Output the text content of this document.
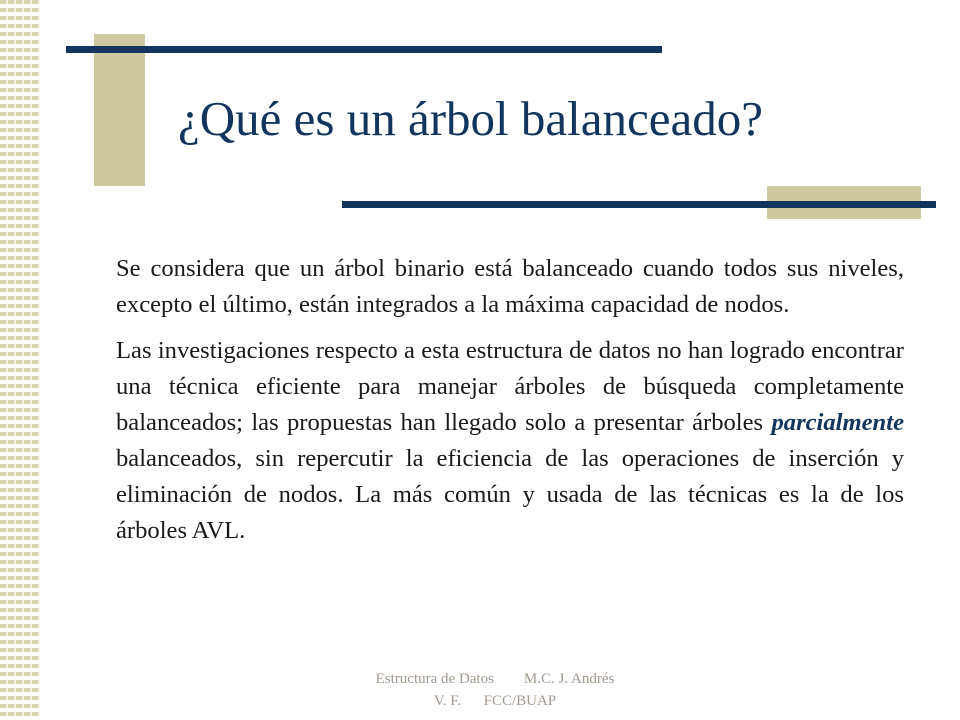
¿Qué es un árbol balanceado?

Se considera que un árbol binario está balanceado cuando todos sus niveles, excepto el último, están integrados a la máxima capacidad de nodos.

Las investigaciones respecto a esta estructura de datos no han logrado encontrar una técnica eficiente para manejar árboles de búsqueda completamente balanceados; las propuestas han llegado solo a presentar árboles parcialmente balanceados, sin repercutir la eficiencia de las operaciones de inserción y eliminación de nodos. La más común y usada de las técnicas es la de los árboles AVL.

Estructura de Datos        M.C. J. Andrés
V. F.      FCC/BUAP
